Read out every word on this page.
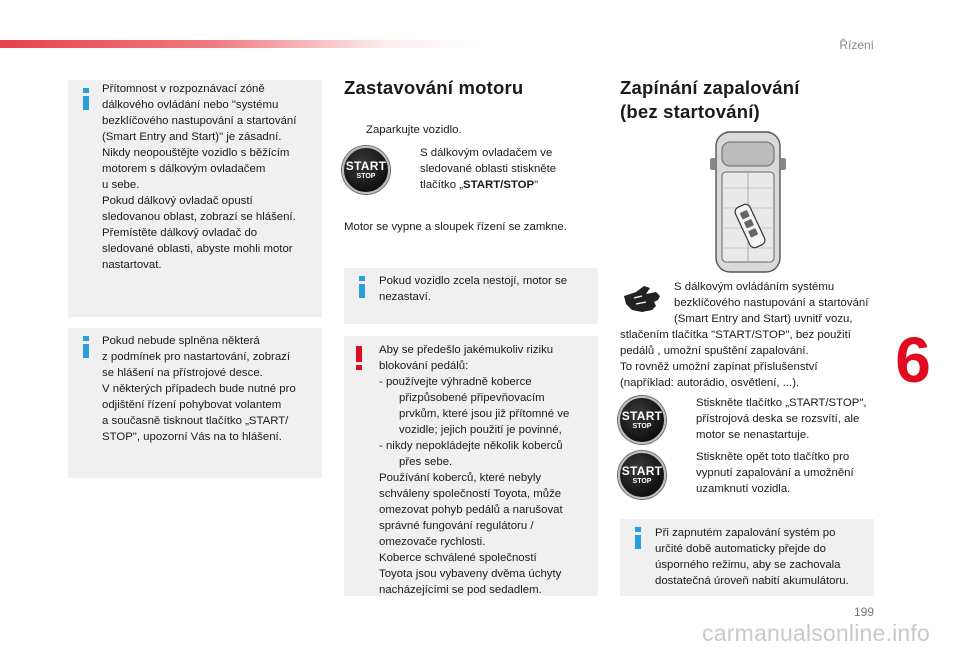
Řízení
6

Přítomnost v rozpoznávací zóně
dálkového ovládání nebo "systému
bezklíčového nastupování a startování
(Smart Entry and Start)" je zásadní.
Nikdy neopouštějte vozidlo s běžícím
motorem s dálkovým ovladačem
u sebe.
Pokud dálkový ovladač opustí
sledovanou oblast, zobrazí se hlášení.
Přemístěte dálkový ovladač do
sledované oblasti, abyste mohli motor
nastartovat.

Pokud nebude splněna některá
z podmínek pro nastartování, zobrazí
se hlášení na přístrojové desce.
V některých případech bude nutné pro
odjištění řízení pohybovat volantem
a současně tisknout tlačítko „START/
STOP", upozorní Vás na to hlášení.

Zastavování motoru
Zaparkujte vozidlo.
START
STOP
S dálkovým ovladačem ve
sledované oblasti stiskněte
tlačítko „START/STOP"
Motor se vypne a sloupek řízení se zamkne.

Pokud vozidlo zcela nestojí, motor se
nezastaví.

Aby se předešlo jakémukoliv riziku
blokování pedálů:

- používejte výhradně koberce
přizpůsobené připevňovacím
prvkům, které jsou již přítomné ve
vozidle; jejich použití je povinné,

- nikdy nepokládejte několik koberců
přes sebe.

Používání koberců, které nebyly
schváleny společností Toyota, může
omezovat pohyb pedálů a narušovat
správné fungování regulátoru /
omezovače rychlosti.
Koberce schválené společností
Toyota jsou vybaveny dvěma úchyty
nacházejícími se pod sedadlem.

Zapínání zapalování
(bez startování)
S dálkovým ovládáním systému
bezklíčového nastupování a startování
(Smart Entry and Start) uvnitř vozu,
stlačením tlačítka "START/STOP", bez použití
pedálů , umožní spuštění zapalování.
To rovněž umožní zapínat příslušenství
(například: autorádio, osvětlení, ...).
START
STOP
Stiskněte tlačítko „START/STOP",
přístrojová deska se rozsvítí, ale
motor se nenastartuje.
START
STOP
Stiskněte opět toto tlačítko pro
vypnutí zapalování a umožnění
uzamknutí vozidla.

Při zapnutém zapalování systém po
určité době automaticky přejde do
úsporného režimu, aby se zachovala
dostatečná úroveň nabití akumulátoru.

199
carmanualsonline.info
